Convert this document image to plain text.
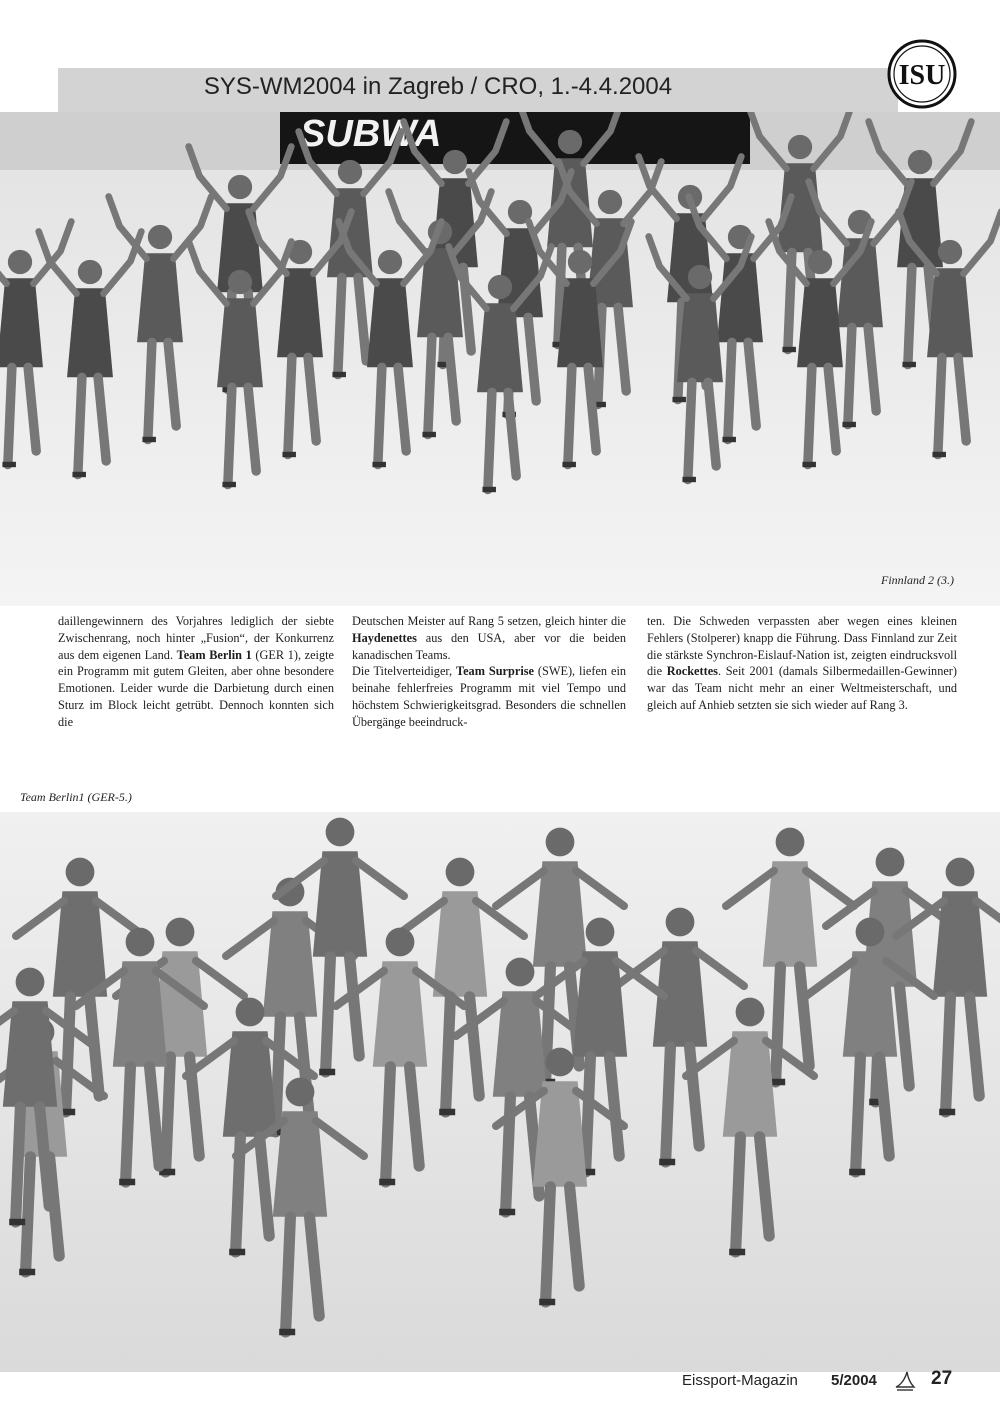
SYS-WM2004 in Zagreb / CRO, 1.-4.4.2004	ISU
SUBWA
Finnland 2 (3.)

daillengewinnern des Vorjahres lediglich der siebte Zwischenrang, noch hinter „Fusion“, der Konkurrenz aus dem eigenen Land. Team Berlin 1 (GER 1), zeigte ein Programm mit gutem Gleiten, aber ohne besondere Emotionen. Leider wurde die Darbietung durch einen Sturz im Block leicht getrübt. Dennoch konnten sich die

Deutschen Meister auf Rang 5 setzen, gleich hinter die Haydenettes aus den USA, aber vor die beiden kanadischen Teams.
Die Titelverteidiger, Team Surprise (SWE), liefen ein beinahe fehlerfreies Programm mit viel Tempo und höchstem Schwierigkeitsgrad. Besonders die schnellen Übergänge beeindruck-

ten. Die Schweden verpassten aber wegen eines kleinen Fehlers (Stolperer) knapp die Führung. Dass Finnland zur Zeit die stärkste Synchron-Eislauf-Nation ist, zeigten eindrucksvoll die Rockettes. Seit 2001 (damals Silbermedaillen-Gewinner) war das Team nicht mehr an einer Weltmeisterschaft, und gleich auf Anhieb setzten sie sich wieder auf Rang 3.

Team Berlin1 (GER-5.)
Eissport-Magazin 5/2004	27
